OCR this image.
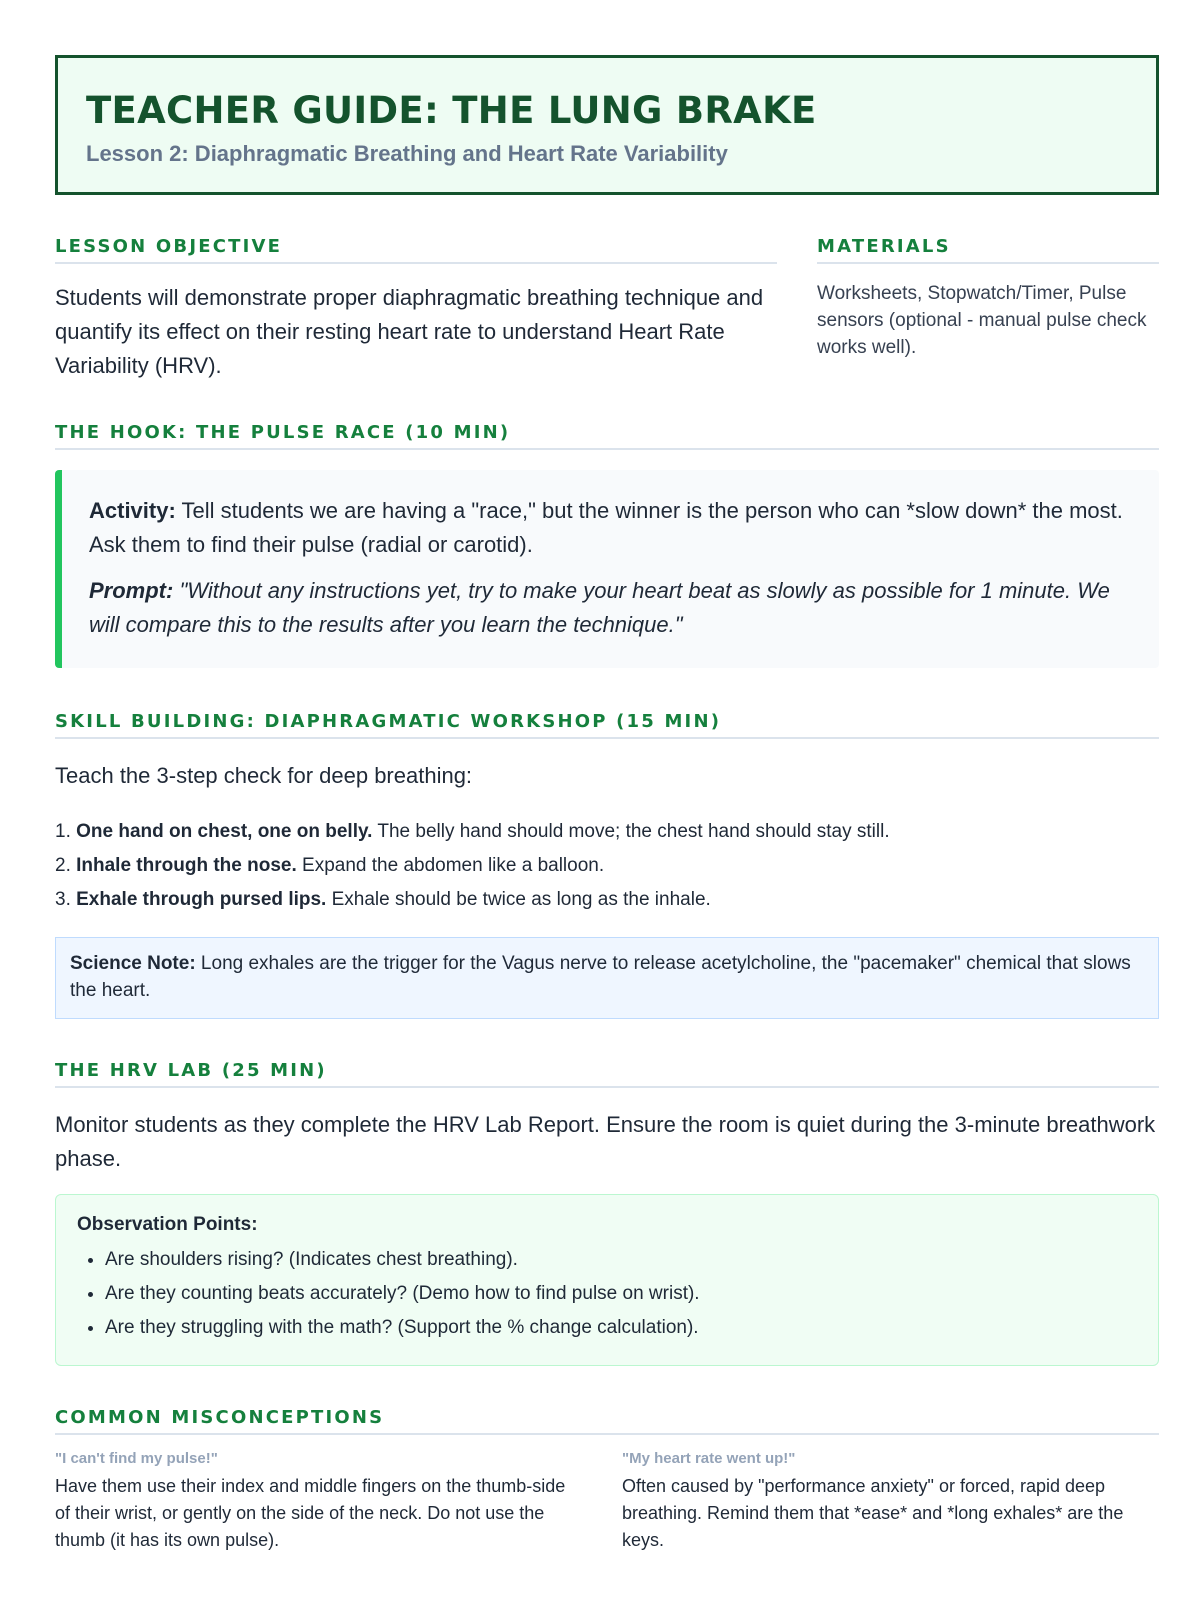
TEACHER GUIDE: THE LUNG BRAKE
Lesson 2: Diaphragmatic Breathing and Heart Rate Variability
LESSON OBJECTIVE
Students will demonstrate proper diaphragmatic breathing technique and quantify its effect on their resting heart rate to understand Heart Rate Variability (HRV).
MATERIALS
Worksheets, Stopwatch/Timer, Pulse sensors (optional - manual pulse check works well).
THE HOOK: THE PULSE RACE (10 MIN)

Activity: Tell students we are having a "race," but the winner is the person who can *slow down* the most. Ask them to find their pulse (radial or carotid).

Prompt: "Without any instructions yet, try to make your heart beat as slowly as possible for 1 minute. We will compare this to the results after you learn the technique."

SKILL BUILDING: DIAPHRAGMATIC WORKSHOP (15 MIN)
Teach the 3-step check for deep breathing:
1. One hand on chest, one on belly. The belly hand should move; the chest hand should stay still.
2. Inhale through the nose. Expand the abdomen like a balloon.
3. Exhale through pursed lips. Exhale should be twice as long as the inhale.
Science Note: Long exhales are the trigger for the Vagus nerve to release acetylcholine, the "pacemaker" chemical that slows the heart.
THE HRV LAB (25 MIN)
Monitor students as they complete the HRV Lab Report. Ensure the room is quiet during the 3-minute breathwork phase.
Observation Points:
• Are shoulders rising? (Indicates chest breathing).
• Are they counting beats accurately? (Demo how to find pulse on wrist).
• Are they struggling with the math? (Support the % change calculation).
COMMON MISCONCEPTIONS
"I can't find my pulse!"
Have them use their index and middle fingers on the thumb-side of their wrist, or gently on the side of the neck. Do not use the thumb (it has its own pulse).
"My heart rate went up!"
Often caused by "performance anxiety" or forced, rapid deep breathing. Remind them that *ease* and *long exhales* are the keys.
